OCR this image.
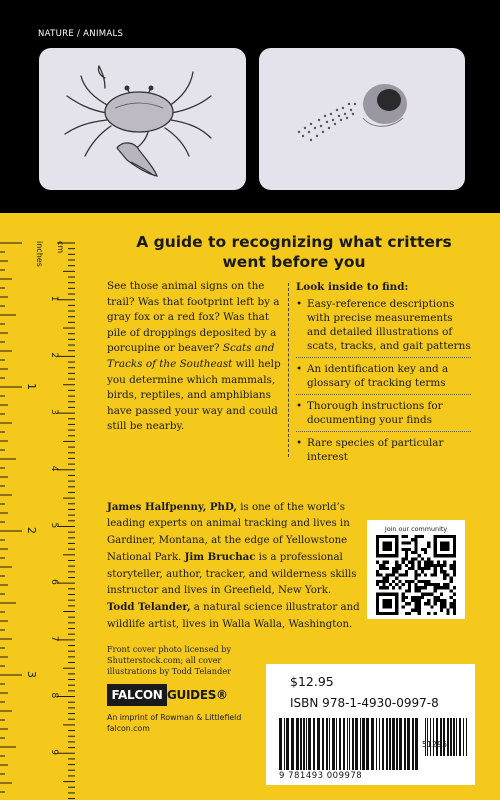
NATURE / ANIMALS
inches cm
1
2
3
1
2
3
4
5
6
7
8
9
A guide to recognizing what critters
went before you
See those animal signs on the trail? Was that footprint left by a gray fox or a red fox? Was that pile of droppings deposited by a porcupine or beaver? Scats and Tracks of the Southeast will help you determine which mammals, birds, reptiles, and amphibians have passed your way and could still be nearby.
Look inside to find:
• Easy-reference descriptions with precise measurements and detailed illustrations of scats, tracks, and gait patterns
• An identification key and a glossary of tracking terms
• Thorough instructions for documenting your finds
• Rare species of particular interest
James Halfpenny, PhD, is one of the world’s leading experts on animal tracking and lives in Gardiner, Montana, at the edge of Yellowstone National Park. Jim Bruchac is a professional storyteller, author, tracker, and wilderness skills instructor and lives in Greefield, New York.
Todd Telander, a natural science illustrator and wildlife artist, lives in Walla Walla, Washington.
Join our community
Front cover photo licensed by Shutterstock.com; all cover illustrations by Todd Telander
FALCON GUIDES®
An imprint of Rowman & Littlefield
falcon.com
$12.95
ISBN 978-1-4930-0997-8
51295
9 781493 009978
